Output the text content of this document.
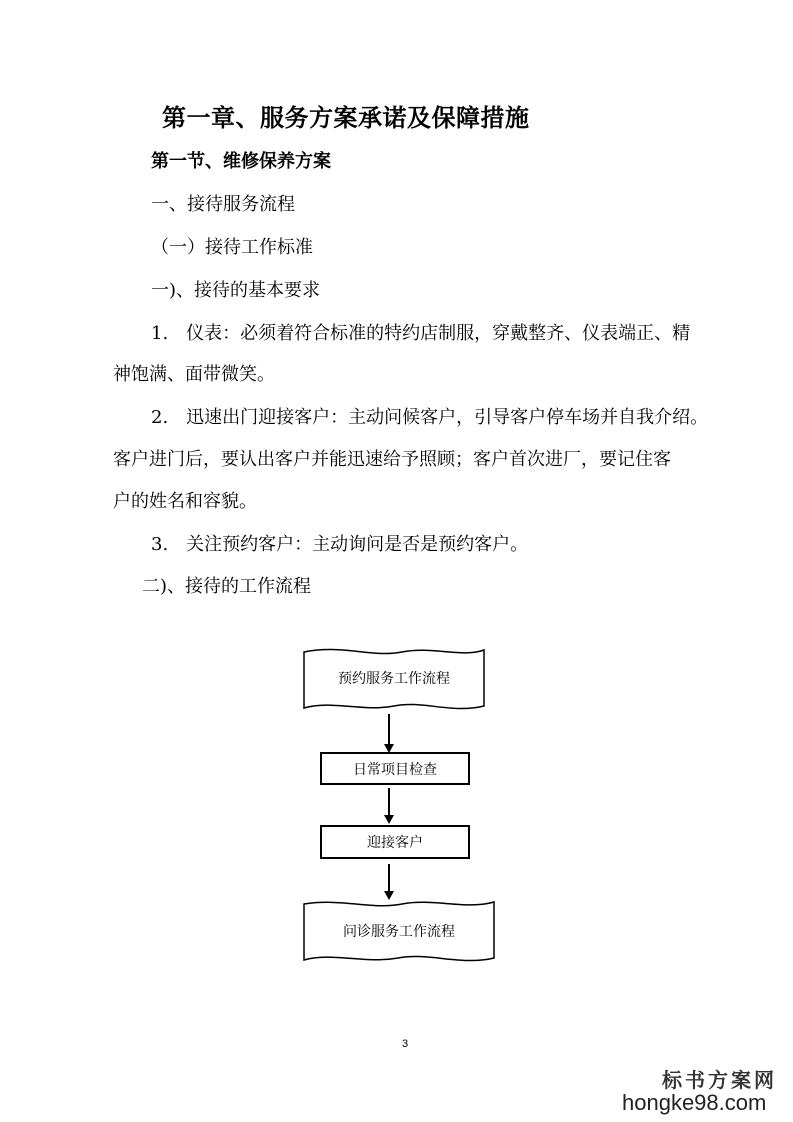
第一章、服务方案承诺及保障措施
第一节、维修保养方案
一、接待服务流程
（一）接待工作标准
一)、接待的基本要求
1.　仪表：必须着符合标准的特约店制服，穿戴整齐、仪表端正、精
神饱满、面带微笑。
2.　迅速出门迎接客户：主动问候客户，引导客户停车场并自我介绍。
客户进门后，要认出客户并能迅速给予照顾；客户首次进厂，要记住客
户的姓名和容貌。
3.　关注预约客户：主动询问是否是预约客户。
二)、接待的工作流程
预约服务工作流程
日常项目检查
迎接客户
问诊服务工作流程
3
标书方案网
hongke98.com
